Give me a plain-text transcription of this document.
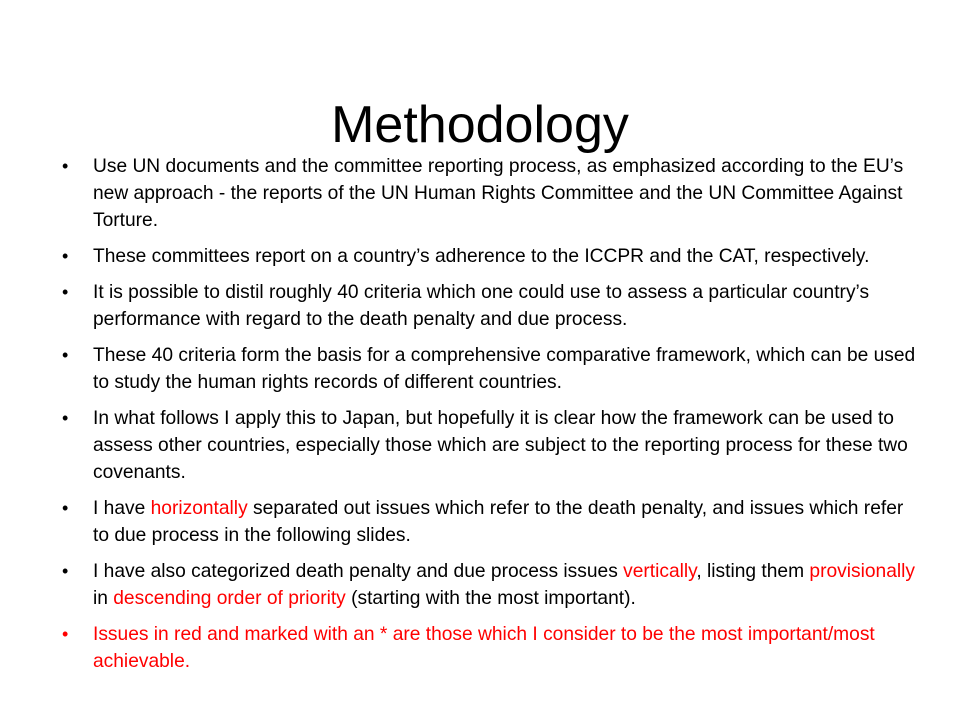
Methodology
• Use UN documents and the committee reporting process, as emphasized according to the EU’s new approach - the reports of the UN Human Rights Committee and the UN Committee Against Torture.
• These committees report on a country’s adherence to the ICCPR and the CAT, respectively.
• It is possible to distil roughly 40 criteria which one could use to assess a particular country’s performance with regard to the death penalty and due process.
• These 40 criteria form the basis for a comprehensive comparative framework, which can be used to study the human rights records of different countries.
• In what follows I apply this to Japan, but hopefully it is clear how the framework can be used to assess other countries, especially those which are subject to the reporting process for these two covenants.
• I have horizontally separated out issues which refer to the death penalty, and issues which refer to due process in the following slides.
• I have also categorized death penalty and due process issues vertically, listing them provisionally in descending order of priority (starting with the most important).
• Issues in red and marked with an * are those which I consider to be the most important/most achievable.
